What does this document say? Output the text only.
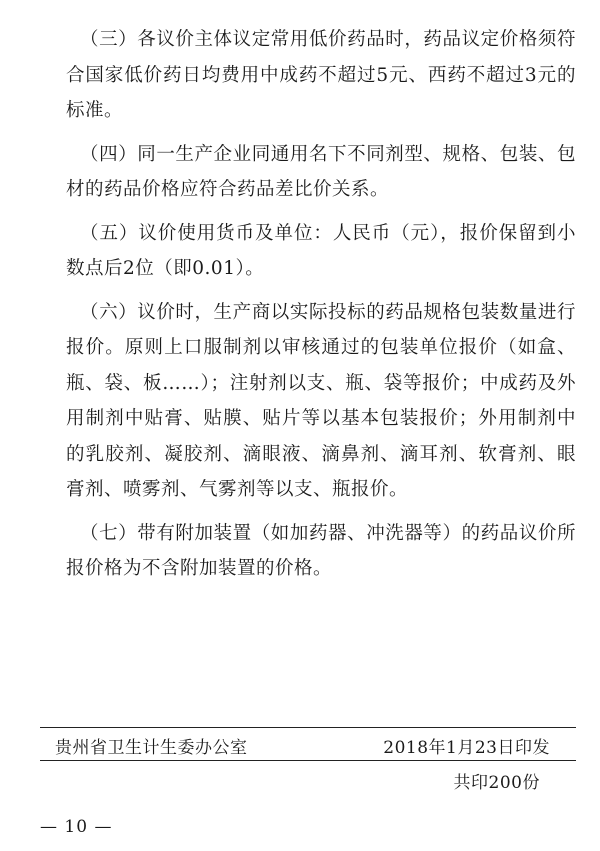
（三）各议价主体议定常用低价药品时，药品议定价格须符合国家低价药日均费用中成药不超过5元、西药不超过3元的标准。

（四）同一生产企业同通用名下不同剂型、规格、包装、包材的药品价格应符合药品差比价关系。

（五）议价使用货币及单位：人民币（元），报价保留到小数点后2位（即0.01）。

（六）议价时，生产商以实际投标的药品规格包装数量进行报价。原则上口服制剂以审核通过的包装单位报价（如盒、瓶、袋、板……）；注射剂以支、瓶、袋等报价；中成药及外用制剂中贴膏、贴膜、贴片等以基本包装报价；外用制剂中的乳胶剂、凝胶剂、滴眼液、滴鼻剂、滴耳剂、软膏剂、眼膏剂、喷雾剂、气雾剂等以支、瓶报价。

（七）带有附加装置（如加药器、冲洗器等）的药品议价所报价格为不含附加装置的价格。

贵州省卫生计生委办公室	2018年1月23日印发
共印200份
— 10 —
